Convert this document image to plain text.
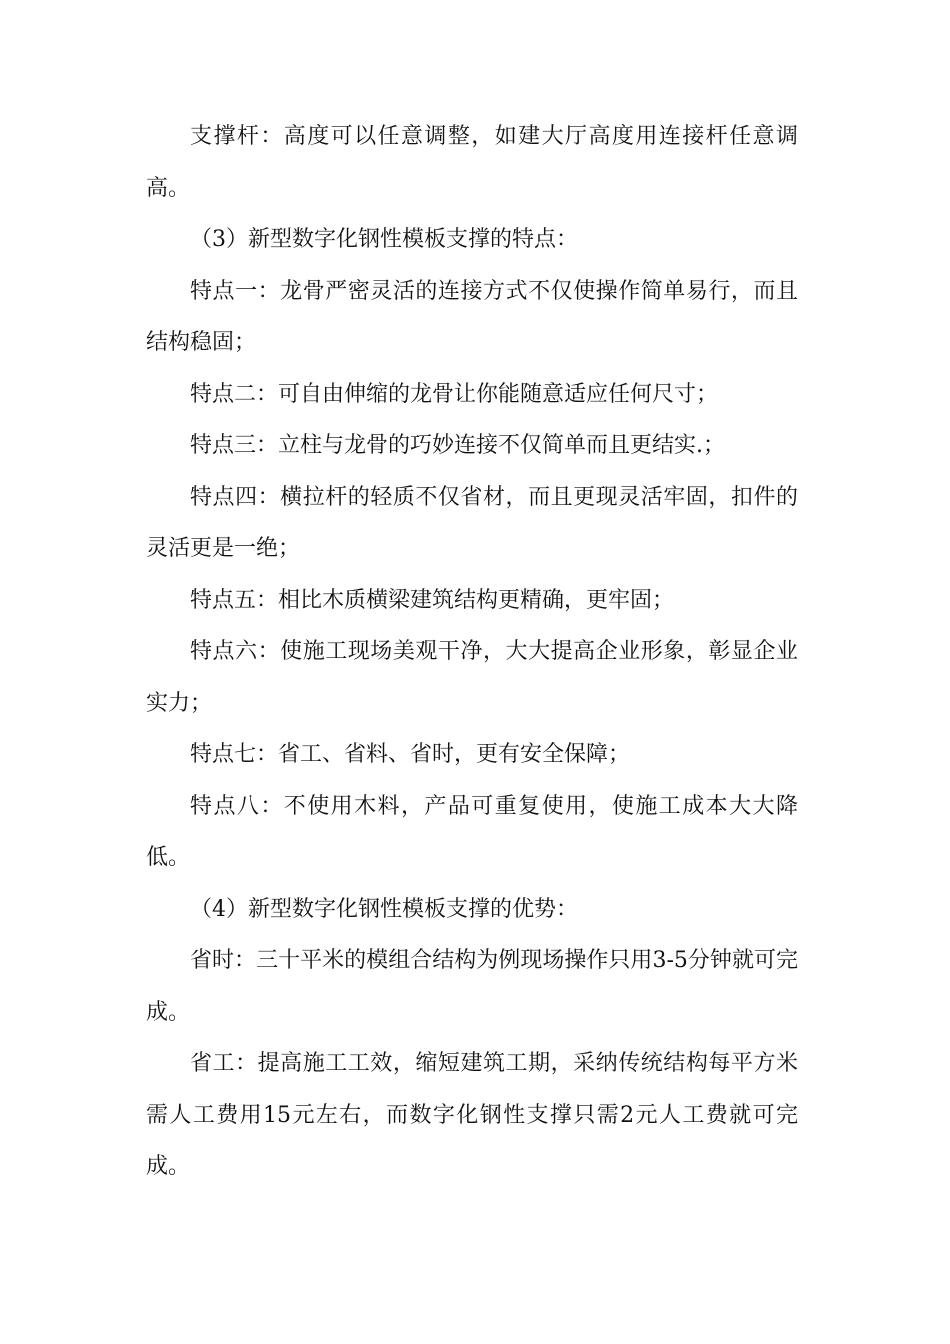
支撑杆：高度可以任意调整，如建大厅高度用连接杆任意调高。

（3）新型数字化钢性模板支撑的特点：

特点一：龙骨严密灵活的连接方式不仅使操作简单易行，而且结构稳固；

特点二：可自由伸缩的龙骨让你能随意适应任何尺寸；

特点三：立柱与龙骨的巧妙连接不仅简单而且更结实.；

特点四：横拉杆的轻质不仅省材，而且更现灵活牢固，扣件的灵活更是一绝；

特点五：相比木质横梁建筑结构更精确，更牢固；

特点六：使施工现场美观干净，大大提高企业形象，彰显企业实力；

特点七：省工、省料、省时，更有安全保障；

特点八：不使用木料，产品可重复使用，使施工成本大大降低。

（4）新型数字化钢性模板支撑的优势：

省时：三十平米的模组合结构为例现场操作只用3-5分钟就可完成。

省工：提高施工工效，缩短建筑工期，采纳传统结构每平方米需人工费用15元左右，而数字化钢性支撑只需2元人工费就可完成。
